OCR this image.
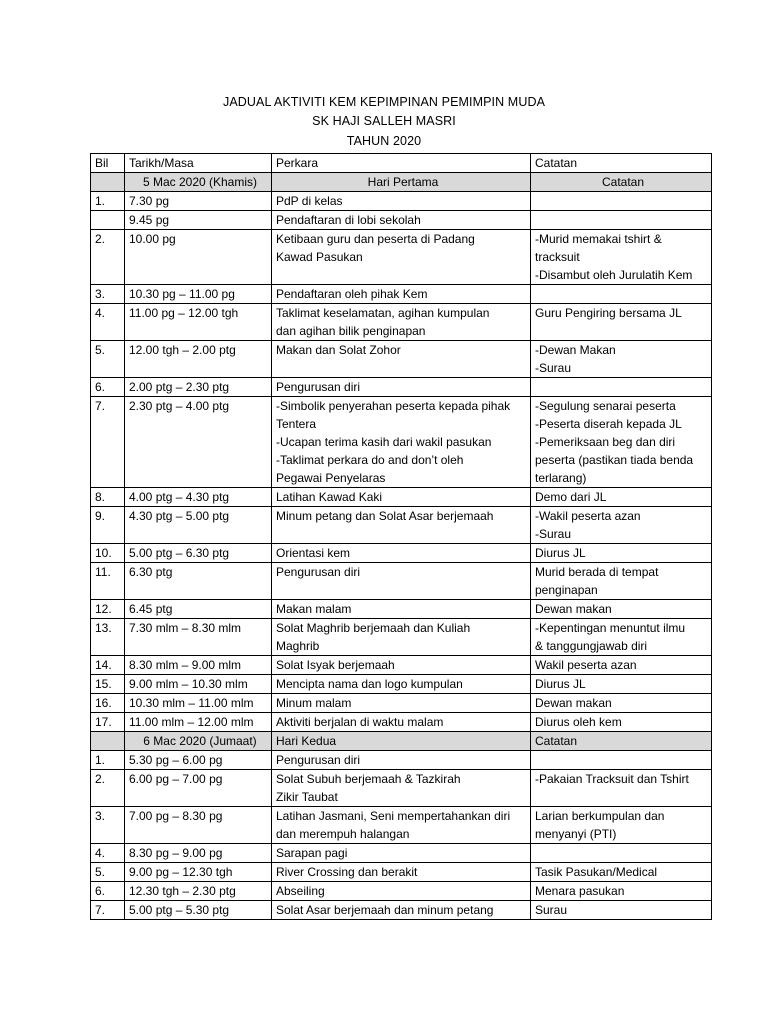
JADUAL AKTIVITI KEM KEPIMPINAN PEMIMPIN MUDA
SK HAJI SALLEH MASRI
TAHUN 2020
Bil	Tarikh/Masa	Perkara	Catatan
	5 Mac 2020 (Khamis)	Hari Pertama	Catatan

1.	7.30 pg	PdP di kelas	

	9.45 pg	Pendaftaran di lobi sekolah	

2.	10.00 pg	Ketibaan guru dan peserta di Padang
Kawad Pasukan	-Murid memakai tshirt &
tracksuit
-Disambut oleh Jurulatih Kem

3.	10.30 pg – 11.00 pg	Pendaftaran oleh pihak Kem	

4.	11.00 pg – 12.00 tgh	Taklimat keselamatan, agihan kumpulan
dan agihan bilik penginapan	Guru Pengiring bersama JL

5.	12.00 tgh – 2.00 ptg	Makan dan Solat Zohor	-Dewan Makan
-Surau

6.	2.00 ptg – 2.30 ptg	Pengurusan diri	

7.	2.30 ptg – 4.00 ptg	-Simbolik penyerahan peserta kepada pihak
Tentera
-Ucapan terima kasih dari wakil pasukan
-Taklimat perkara do and don’t oleh
Pegawai Penyelaras	-Segulung senarai peserta
-Peserta diserah kepada JL
-Pemeriksaan beg dan diri
peserta (pastikan tiada benda
terlarang)

8.	4.00 ptg – 4.30 ptg	Latihan Kawad Kaki	Demo dari JL

9.	4.30 ptg – 5.00 ptg	Minum petang dan Solat Asar berjemaah	-Wakil peserta azan
-Surau

10.	5.00 ptg – 6.30 ptg	Orientasi kem	Diurus JL

11.	6.30 ptg	Pengurusan diri	Murid berada di tempat
penginapan

12.	6.45 ptg	Makan malam	Dewan makan

13.	7.30 mlm – 8.30 mlm	Solat Maghrib berjemaah dan Kuliah
Maghrib	-Kepentingan menuntut ilmu
& tanggungjawab diri

14.	8.30 mlm – 9.00 mlm	Solat Isyak berjemaah	Wakil peserta azan

15.	9.00 mlm – 10.30 mlm	Mencipta nama dan logo kumpulan	Diurus JL

16.	10.30 mlm – 11.00 mlm	Minum malam	Dewan makan

17.	11.00 mlm – 12.00 mlm	Aktiviti berjalan di waktu malam	Diurus oleh kem

	6 Mac 2020 (Jumaat)	Hari Kedua	Catatan

1.	5.30 pg – 6.00 pg	Pengurusan diri	

2.	6.00 pg – 7.00 pg	Solat Subuh berjemaah & Tazkirah
Zikir Taubat	-Pakaian Tracksuit dan Tshirt

3.	7.00 pg – 8.30 pg	Latihan Jasmani, Seni mempertahankan diri
dan merempuh halangan	Larian berkumpulan dan
menyanyi (PTI)

4.	8.30 pg – 9.00 pg	Sarapan pagi	

5.	9.00 pg – 12.30 tgh	River Crossing dan berakit	Tasik Pasukan/Medical

6.	12.30 tgh – 2.30 ptg	Abseiling	Menara pasukan

7.	5.00 ptg – 5.30 ptg	Solat Asar berjemaah dan minum petang	Surau
